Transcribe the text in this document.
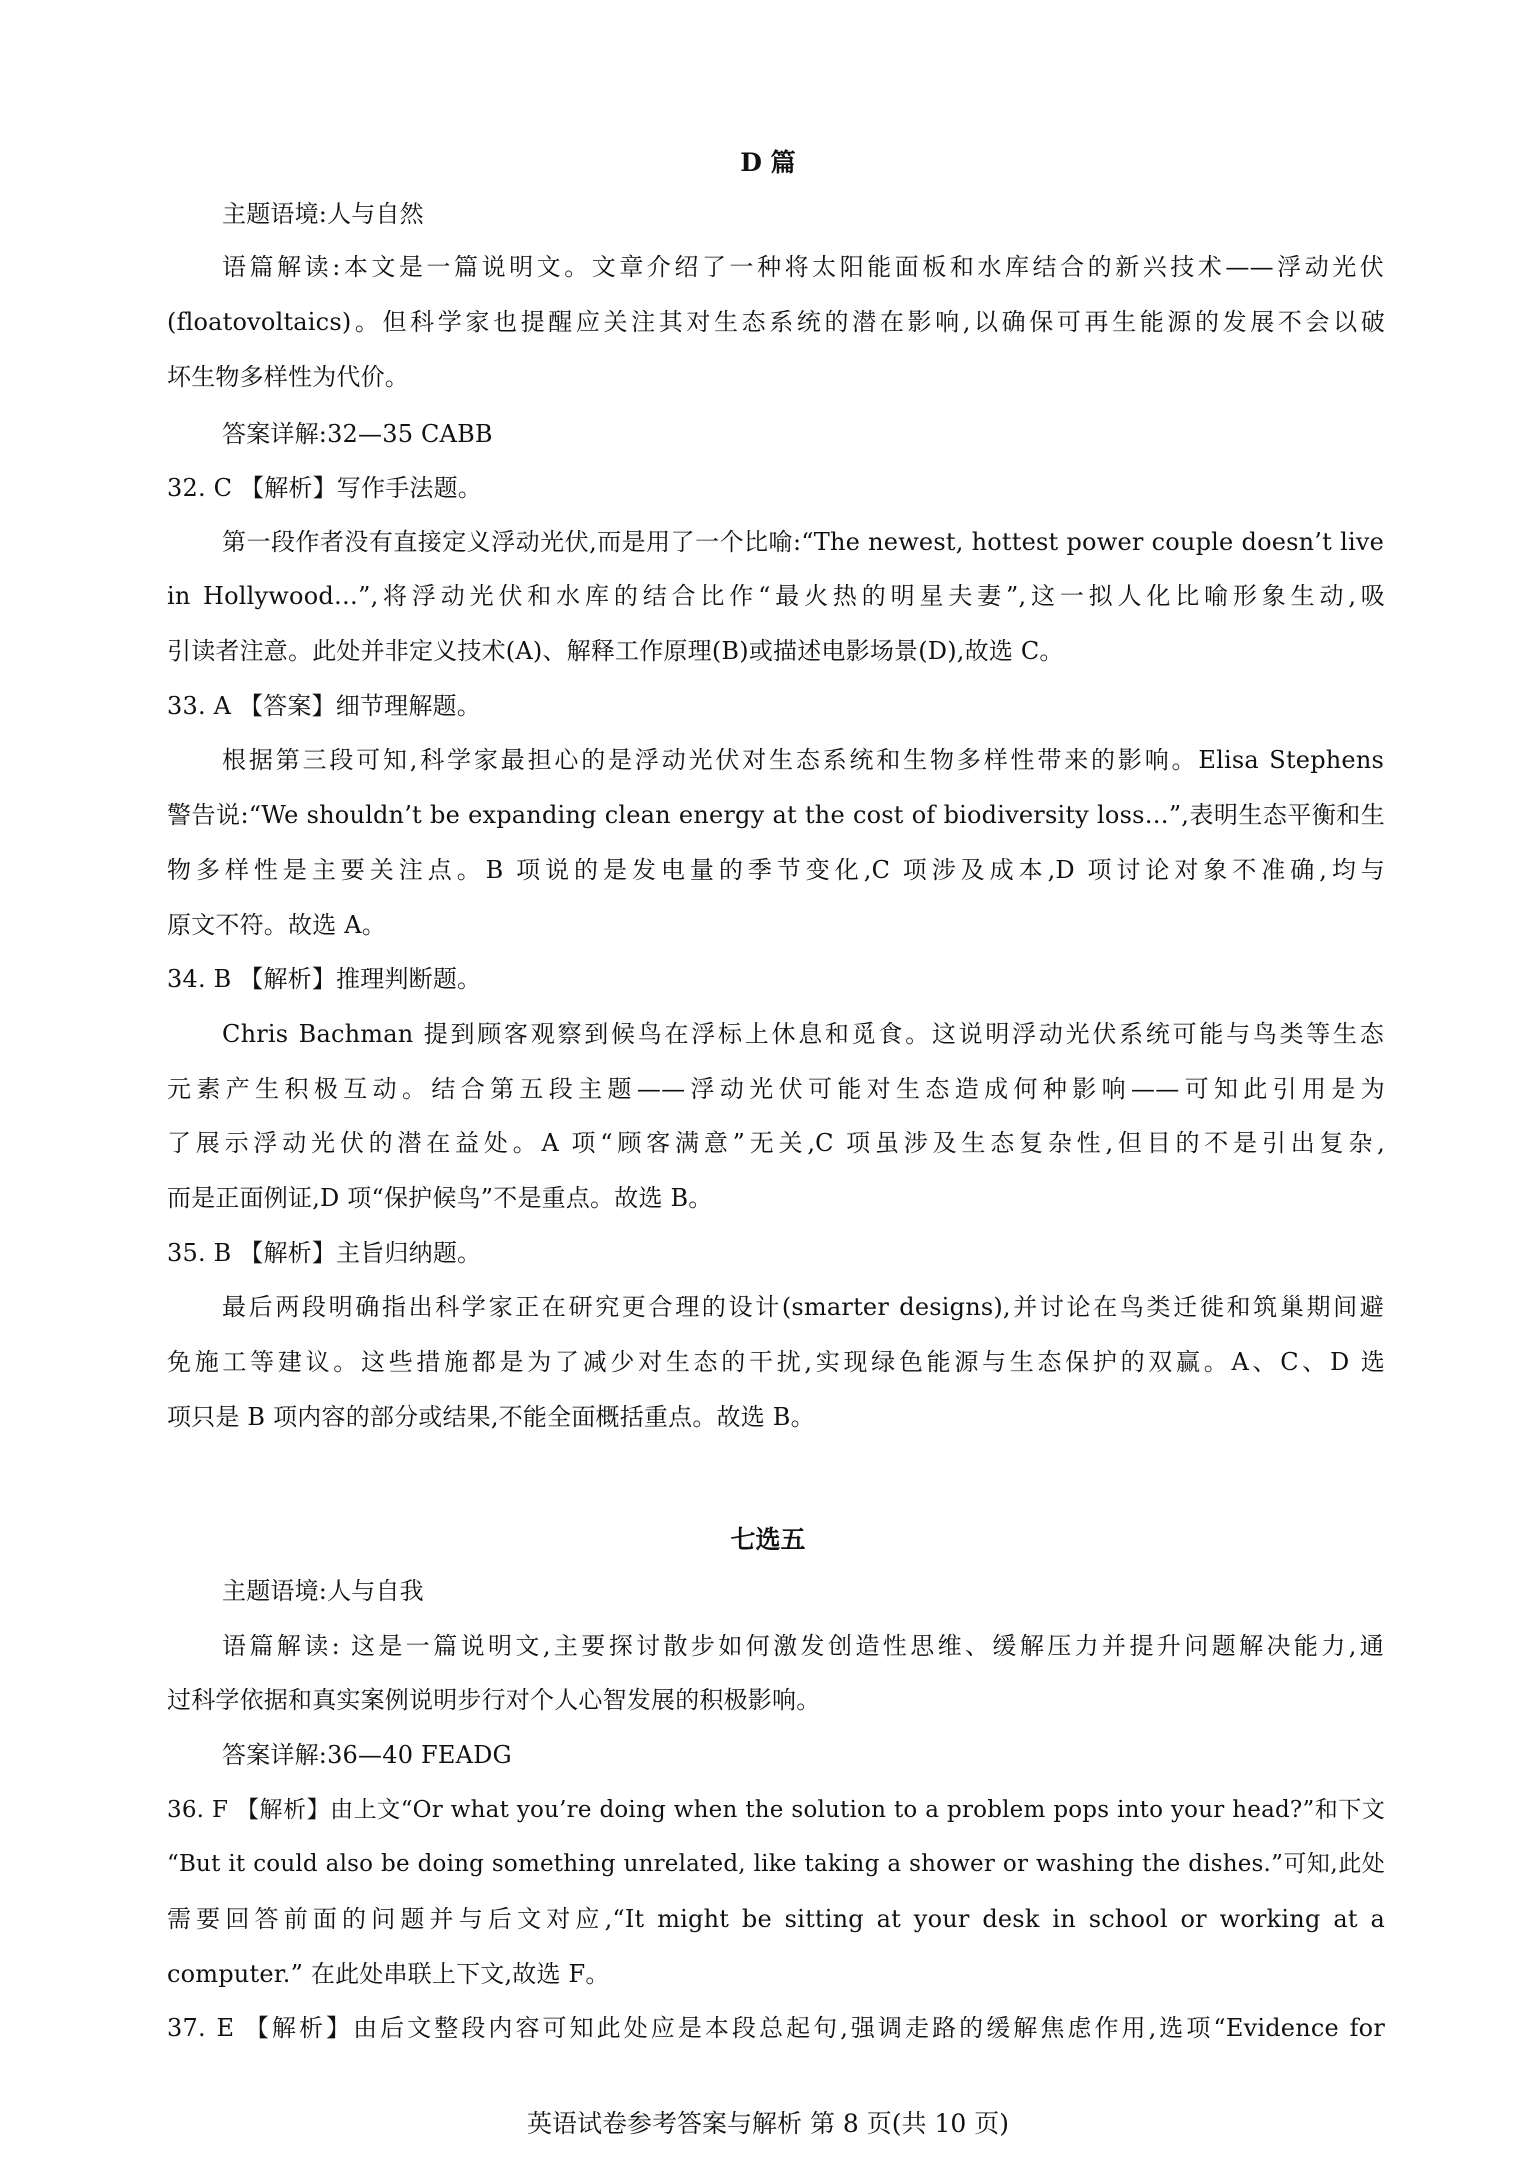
D 篇

主题语境:人与自然

语篇解读:本文是一篇说明文。文章介绍了一种将太阳能面板和水库结合的新兴技术——浮动光伏

(floatovoltaics)。但科学家也提醒应关注其对生态系统的潜在影响,以确保可再生能源的发展不会以破

坏生物多样性为代价。

答案详解:32—35 CABB

32. C 【解析】写作手法题。

第一段作者没有直接定义浮动光伏,而是用了一个比喻:“The newest, hottest power couple doesn’t live

in Hollywood…”,将浮动光伏和水库的结合比作“最火热的明星夫妻”,这一拟人化比喻形象生动,吸

引读者注意。此处并非定义技术(A)、解释工作原理(B)或描述电影场景(D),故选 C。

33. A 【答案】细节理解题。

根据第三段可知,科学家最担心的是浮动光伏对生态系统和生物多样性带来的影响。Elisa Stephens

警告说:“We shouldn’t be expanding clean energy at the cost of biodiversity loss…”,表明生态平衡和生

物多样性是主要关注点。B 项说的是发电量的季节变化,C 项涉及成本,D 项讨论对象不准确,均与

原文不符。故选 A。

34. B 【解析】推理判断题。

Chris Bachman 提到顾客观察到候鸟在浮标上休息和觅食。这说明浮动光伏系统可能与鸟类等生态

元素产生积极互动。结合第五段主题——浮动光伏可能对生态造成何种影响——可知此引用是为

了展示浮动光伏的潜在益处。A 项“顾客满意”无关,C 项虽涉及生态复杂性,但目的不是引出复杂,

而是正面例证,D 项“保护候鸟”不是重点。故选 B。

35. B 【解析】主旨归纳题。

最后两段明确指出科学家正在研究更合理的设计(smarter designs),并讨论在鸟类迁徙和筑巢期间避

免施工等建议。这些措施都是为了减少对生态的干扰,实现绿色能源与生态保护的双赢。A、C、D 选

项只是 B 项内容的部分或结果,不能全面概括重点。故选 B。

七选五

主题语境:人与自我

语篇解读: 这是一篇说明文,主要探讨散步如何激发创造性思维、缓解压力并提升问题解决能力,通

过科学依据和真实案例说明步行对个人心智发展的积极影响。

答案详解:36—40 FEADG

36. F 【解析】由上文“Or what you’re doing when the solution to a problem pops into your head?”和下文

“But it could also be doing something unrelated, like taking a shower or washing the dishes.”可知,此处

需要回答前面的问题并与后文对应,“It might be sitting at your desk in school or working at a

computer.” 在此处串联上下文,故选 F。

37. E 【解析】由后文整段内容可知此处应是本段总起句,强调走路的缓解焦虑作用,选项“Evidence for

英语试卷参考答案与解析 第 8 页(共 10 页)
